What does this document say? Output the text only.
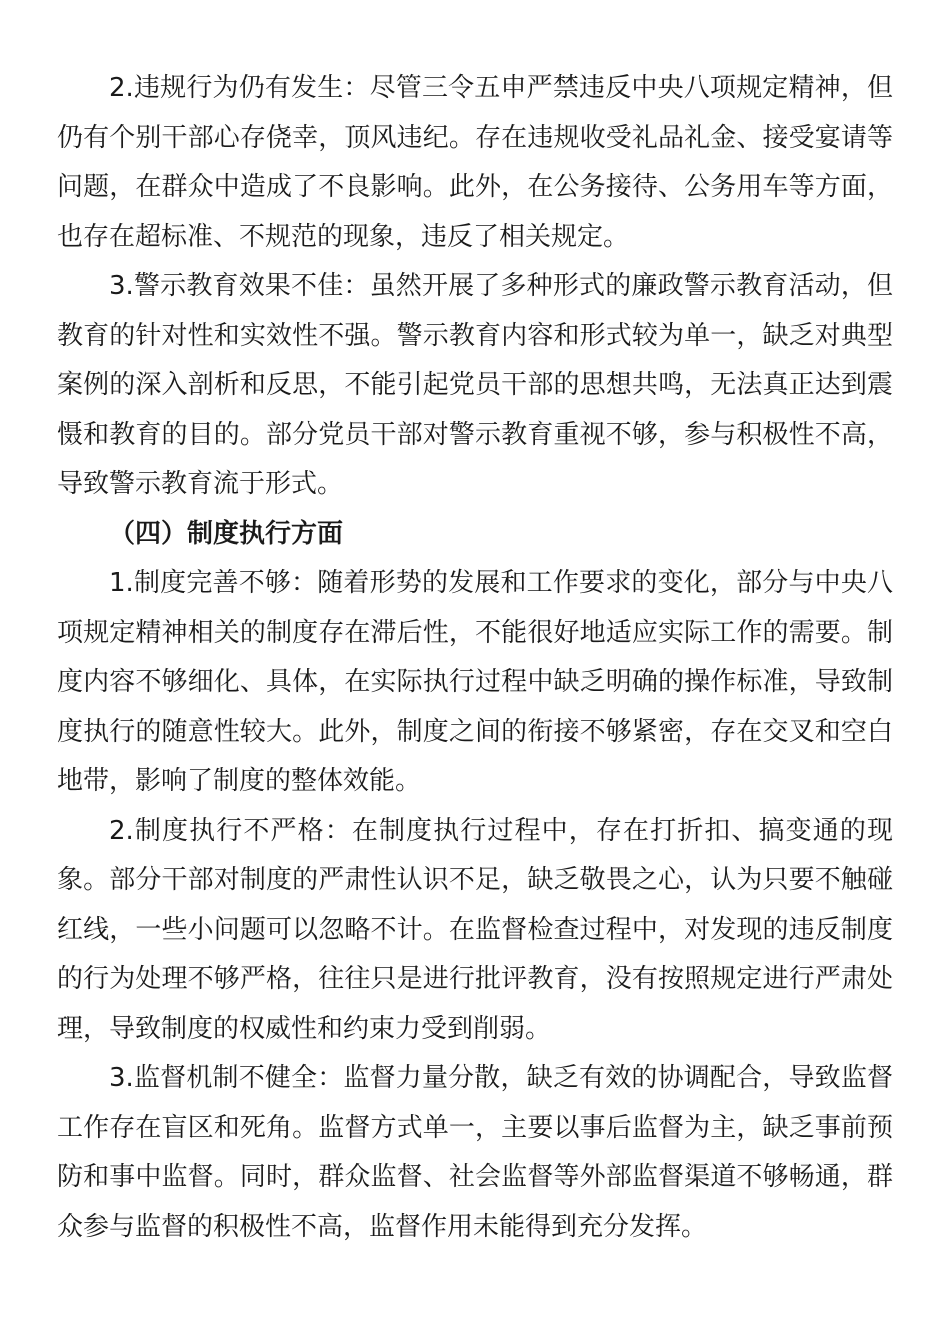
2.违规行为仍有发生：尽管三令五申严禁违反中央八项规定精神，但仍有个别干部心存侥幸，顶风违纪。存在违规收受礼品礼金、接受宴请等问题，在群众中造成了不良影响。此外，在公务接待、公务用车等方面，也存在超标准、不规范的现象，违反了相关规定。

3.警示教育效果不佳：虽然开展了多种形式的廉政警示教育活动，但教育的针对性和实效性不强。警示教育内容和形式较为单一，缺乏对典型案例的深入剖析和反思，不能引起党员干部的思想共鸣，无法真正达到震慑和教育的目的。部分党员干部对警示教育重视不够，参与积极性不高，导致警示教育流于形式。

（四）制度执行方面

1.制度完善不够：随着形势的发展和工作要求的变化，部分与中央八项规定精神相关的制度存在滞后性，不能很好地适应实际工作的需要。制度内容不够细化、具体，在实际执行过程中缺乏明确的操作标准，导致制度执行的随意性较大。此外，制度之间的衔接不够紧密，存在交叉和空白地带，影响了制度的整体效能。

2.制度执行不严格：在制度执行过程中，存在打折扣、搞变通的现象。部分干部对制度的严肃性认识不足，缺乏敬畏之心，认为只要不触碰红线，一些小问题可以忽略不计。在监督检查过程中，对发现的违反制度的行为处理不够严格，往往只是进行批评教育，没有按照规定进行严肃处理，导致制度的权威性和约束力受到削弱。

3.监督机制不健全：监督力量分散，缺乏有效的协调配合，导致监督工作存在盲区和死角。监督方式单一，主要以事后监督为主，缺乏事前预防和事中监督。同时，群众监督、社会监督等外部监督渠道不够畅通，群众参与监督的积极性不高，监督作用未能得到充分发挥。
